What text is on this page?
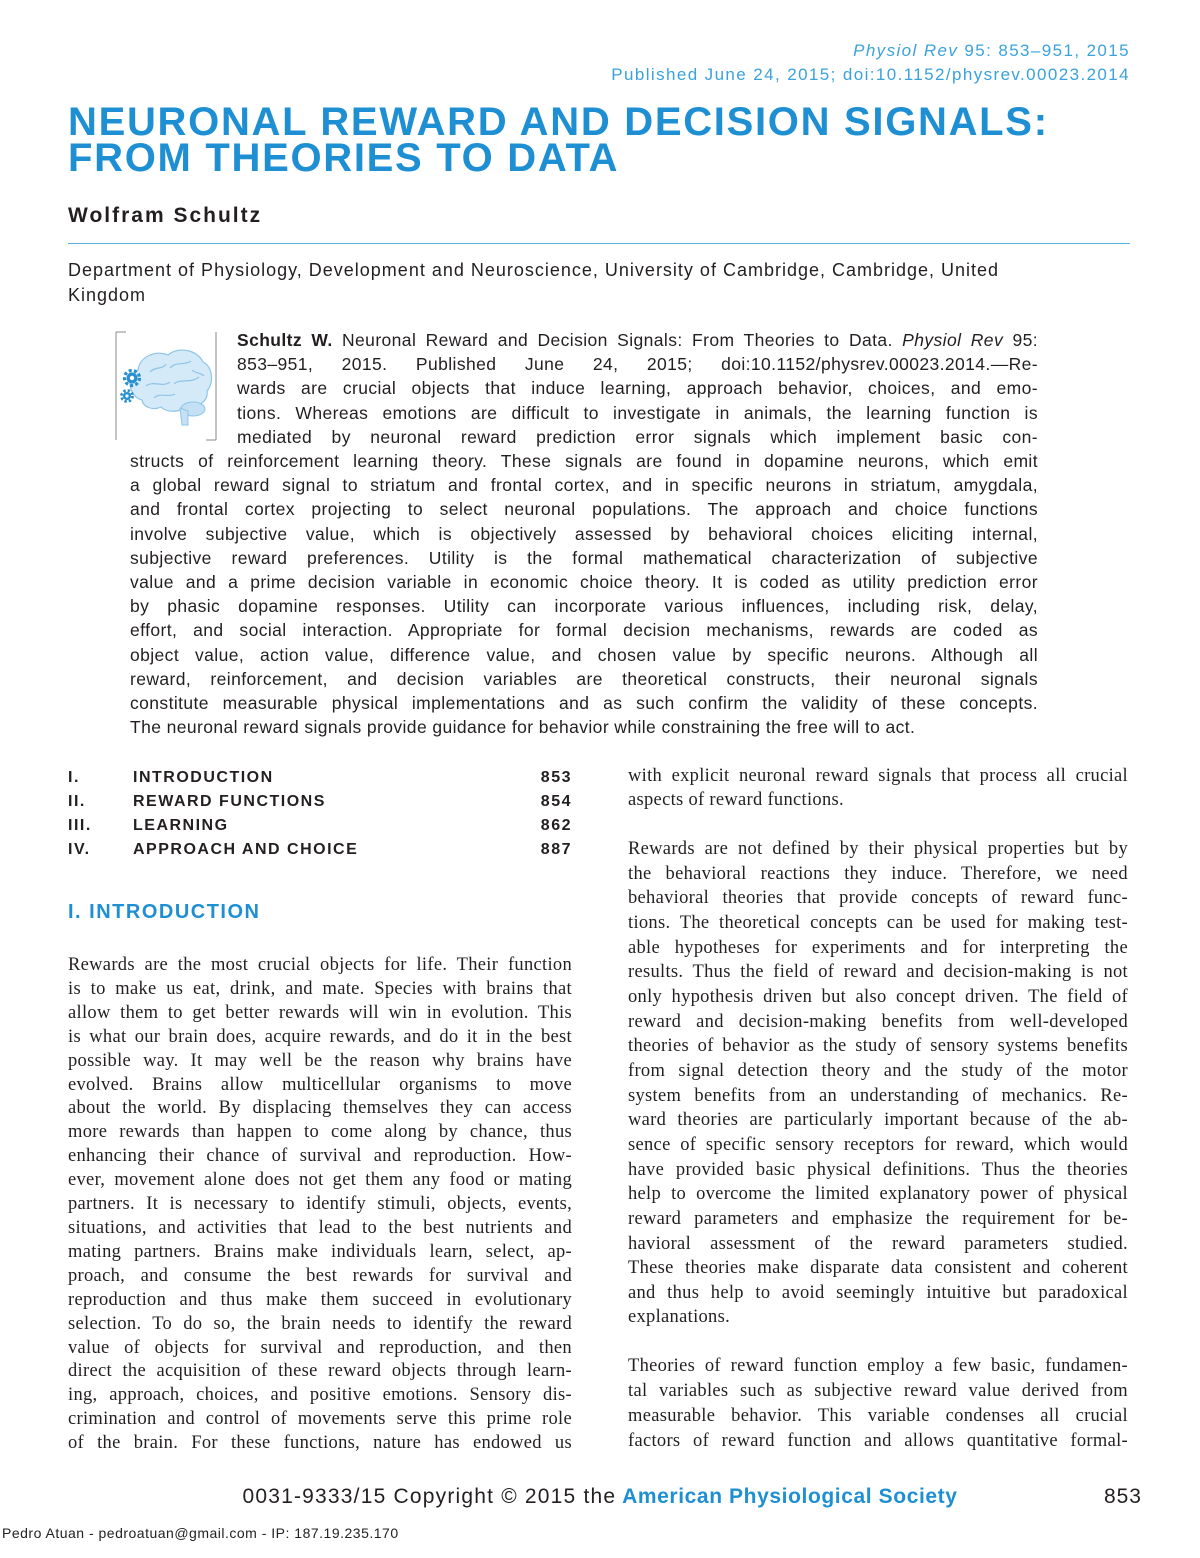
Physiol Rev 95: 853–951, 2015
Published June 24, 2015; doi:10.1152/physrev.00023.2014
NEURONAL REWARD AND DECISION SIGNALS:
FROM THEORIES TO DATA
Wolfram Schultz
Department of Physiology, Development and Neuroscience, University of Cambridge, Cambridge, United
Kingdom
Schultz W. Neuronal Reward and Decision Signals: From Theories to Data. Physiol Rev 95:
853–951, 2015. Published June 24, 2015; doi:10.1152/physrev.00023.2014.—Re-
wards are crucial objects that induce learning, approach behavior, choices, and emo-
tions. Whereas emotions are difficult to investigate in animals, the learning function is
mediated by neuronal reward prediction error signals which implement basic con-
structs of reinforcement learning theory. These signals are found in dopamine neurons, which emit
a global reward signal to striatum and frontal cortex, and in specific neurons in striatum, amygdala,
and frontal cortex projecting to select neuronal populations. The approach and choice functions
involve subjective value, which is objectively assessed by behavioral choices eliciting internal,
subjective reward preferences. Utility is the formal mathematical characterization of subjective
value and a prime decision variable in economic choice theory. It is coded as utility prediction error
by phasic dopamine responses. Utility can incorporate various influences, including risk, delay,
effort, and social interaction. Appropriate for formal decision mechanisms, rewards are coded as
object value, action value, difference value, and chosen value by specific neurons. Although all
reward, reinforcement, and decision variables are theoretical constructs, their neuronal signals
constitute measurable physical implementations and as such confirm the validity of these concepts.
The neuronal reward signals provide guidance for behavior while constraining the free will to act.
I.	INTRODUCTION	853
II.	REWARD FUNCTIONS	854
III.	LEARNING	862
IV.	APPROACH AND CHOICE	887
I. INTRODUCTION
Rewards are the most crucial objects for life. Their function
is to make us eat, drink, and mate. Species with brains that
allow them to get better rewards will win in evolution. This
is what our brain does, acquire rewards, and do it in the best
possible way. It may well be the reason why brains have
evolved. Brains allow multicellular organisms to move
about the world. By displacing themselves they can access
more rewards than happen to come along by chance, thus
enhancing their chance of survival and reproduction. How-
ever, movement alone does not get them any food or mating
partners. It is necessary to identify stimuli, objects, events,
situations, and activities that lead to the best nutrients and
mating partners. Brains make individuals learn, select, ap-
proach, and consume the best rewards for survival and
reproduction and thus make them succeed in evolutionary
selection. To do so, the brain needs to identify the reward
value of objects for survival and reproduction, and then
direct the acquisition of these reward objects through learn-
ing, approach, choices, and positive emotions. Sensory dis-
crimination and control of movements serve this prime role
of the brain. For these functions, nature has endowed us
with explicit neuronal reward signals that process all crucial
aspects of reward functions.
Rewards are not defined by their physical properties but by
the behavioral reactions they induce. Therefore, we need
behavioral theories that provide concepts of reward func-
tions. The theoretical concepts can be used for making test-
able hypotheses for experiments and for interpreting the
results. Thus the field of reward and decision-making is not
only hypothesis driven but also concept driven. The field of
reward and decision-making benefits from well-developed
theories of behavior as the study of sensory systems benefits
from signal detection theory and the study of the motor
system benefits from an understanding of mechanics. Re-
ward theories are particularly important because of the ab-
sence of specific sensory receptors for reward, which would
have provided basic physical definitions. Thus the theories
help to overcome the limited explanatory power of physical
reward parameters and emphasize the requirement for be-
havioral assessment of the reward parameters studied.
These theories make disparate data consistent and coherent
and thus help to avoid seemingly intuitive but paradoxical
explanations.
Theories of reward function employ a few basic, fundamen-
tal variables such as subjective reward value derived from
measurable behavior. This variable condenses all crucial
factors of reward function and allows quantitative formal-
0031-9333/15 Copyright © 2015 the American Physiological Society	853
Pedro Atuan - pedroatuan@gmail.com - IP: 187.19.235.170
